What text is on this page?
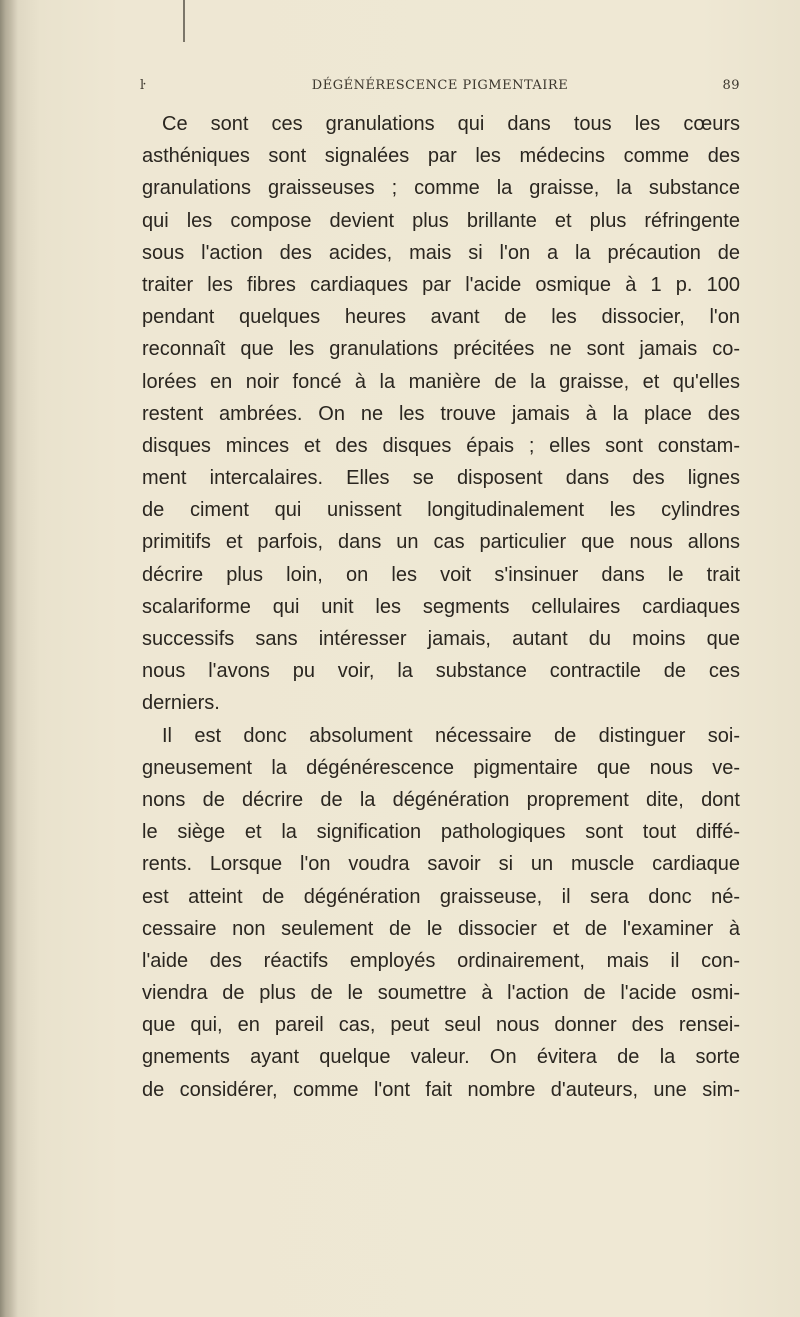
ŀ	DÉGÉNÉRESCENCE PIGMENTAIRE	89
Ce sont ces granulations qui dans tous les cœurs
asthéniques sont signalées par les médecins comme des
granulations graisseuses ; comme la graisse, la substance
qui les compose devient plus brillante et plus réfringente
sous l'action des acides, mais si l'on a la précaution de
traiter les fibres cardiaques par l'acide osmique à 1 p. 100
pendant quelques heures avant de les dissocier, l'on
reconnaît que les granulations précitées ne sont jamais co-
lorées en noir foncé à la manière de la graisse, et qu'elles
restent ambrées. On ne les trouve jamais à la place des
disques minces et des disques épais ; elles sont constam-
ment intercalaires. Elles se disposent dans des lignes
de ciment qui unissent longitudinalement les cylindres
primitifs et parfois, dans un cas particulier que nous allons
décrire plus loin, on les voit s'insinuer dans le trait
scalariforme qui unit les segments cellulaires cardiaques
successifs sans intéresser jamais, autant du moins que
nous l'avons pu voir, la substance contractile de ces
derniers.
Il est donc absolument nécessaire de distinguer soi-
gneusement la dégénérescence pigmentaire que nous ve-
nons de décrire de la dégénération proprement dite, dont
le siège et la signification pathologiques sont tout diffé-
rents. Lorsque l'on voudra savoir si un muscle cardiaque
est atteint de dégénération graisseuse, il sera donc né-
cessaire non seulement de le dissocier et de l'examiner à
l'aide des réactifs employés ordinairement, mais il con-
viendra de plus de le soumettre à l'action de l'acide osmi-
que qui, en pareil cas, peut seul nous donner des rensei-
gnements ayant quelque valeur. On évitera de la sorte
de considérer, comme l'ont fait nombre d'auteurs, une sim-
